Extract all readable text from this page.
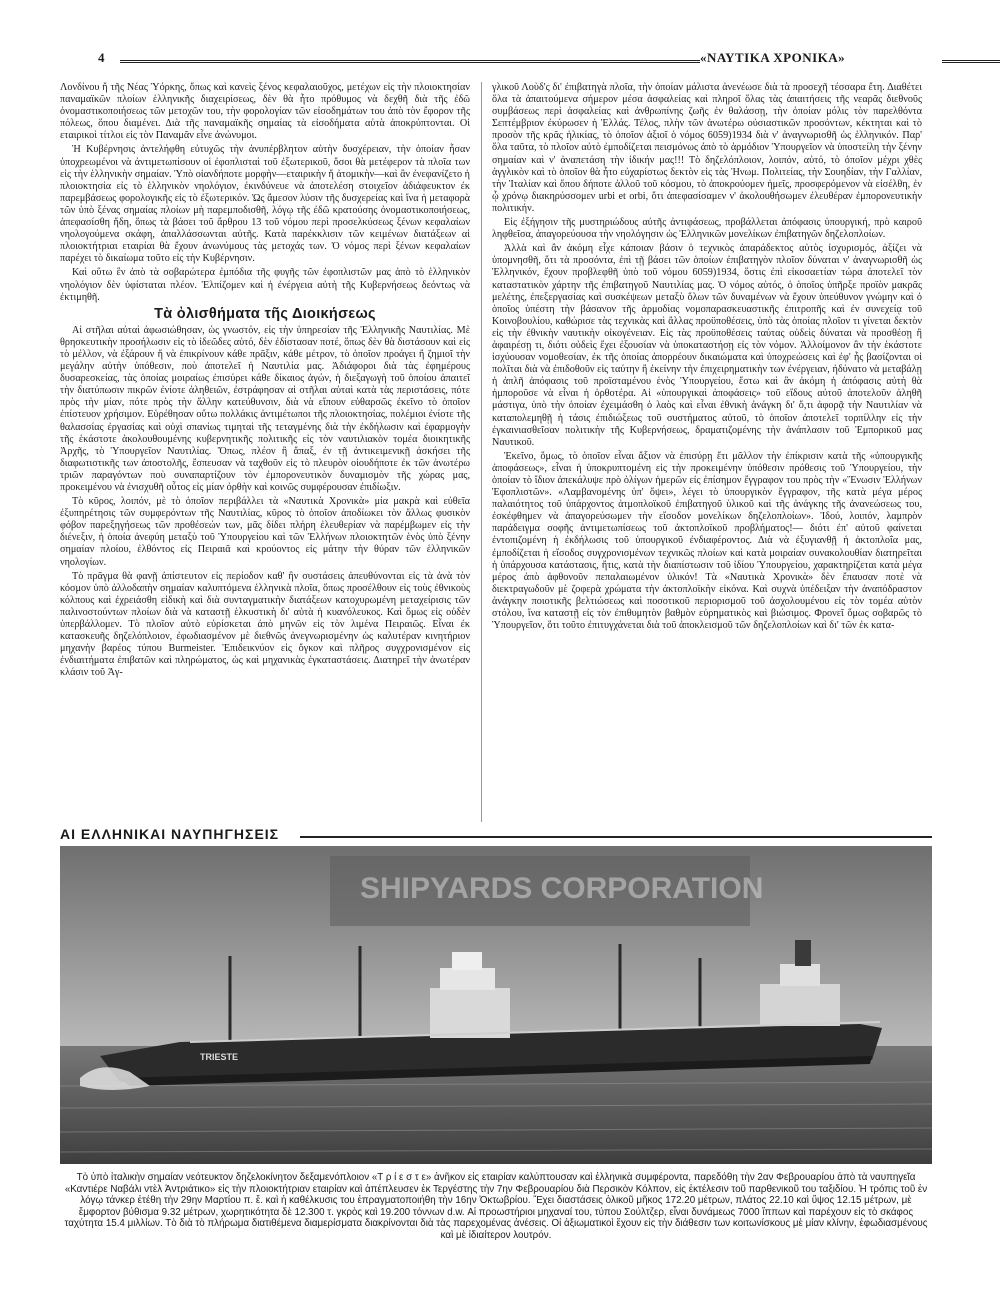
4	«ΝΑΥΤΙΚΑ ΧΡΟΝΙΚΑ»

Λονδίνου ἤ τῆς Νέας Ὑόρκης, ὅπως καὶ κανεὶς ξένος κεφαλαιοῦχος, μετέχων εἰς τὴν πλοιοκτησίαν παναμαϊκῶν πλοίων ἑλληνικῆς διαχειρίσεως, δὲν θὰ ἦτο πρόθυμος νὰ δεχθῆ διὰ τῆς ἐδῶ ὀνομαστικοποιήσεως τῶν μετοχῶν του, τὴν φορολογίαν τῶν εἰσοδημάτων του ἀπὸ τὸν ἔφορον τῆς πόλεως, ὅπου διαμένει. Διὰ τῆς παναμαϊκῆς σημαίας τὰ εἰσοδήματα αὐτὰ ἀποκρύπτονται. Οἱ εταιρικοὶ τίτλοι εἰς τὸν Παναμᾶν εἶνε ἀνώνυμοι.

Ἡ Κυβέρνησις ἀντελήφθη εὐτυχῶς τὴν ἀνυπέρβλητον αὐτὴν δυσχέρειαν, τὴν ὁποίαν ἦσαν ὑποχρεωμένοι νὰ ἀντιμετωπίσουν οἱ ἐφοπλισταὶ τοῦ ἐξωτερικοῦ, ὅσοι θὰ μετέφερον τὰ πλοῖα των εἰς τὴν ἑλληνικὴν σημαίαν. Ὑπὸ οἱανδήποτε μορφὴν—εταιρικὴν ἤ ἀτομικὴν—καὶ ἂν ἐνεφανίζετο ἡ πλοιοκτησία εἰς τὸ ἑλληνικὸν νηολόγιον, ἐκινδύνευε νὰ ἀποτελέση στοιχεῖον ἀδιάφευκτον ἐκ παρεμβάσεως φορολογικῆς εἰς τὸ ἐξωτερικόν. Ὡς ἄμεσον λύσιν τῆς δυσχερείας καὶ ἵνα ἡ μεταφορὰ τῶν ὑπὸ ξένας σημαίας πλοίων μὴ παρεμποδισθῆ, λόγῳ τῆς ἐδῶ κρατούσης ὀνομαστικοποιήσεως, ἀπεφασίσθη ἤδη, ὅπως τὰ βάσει τοῦ ἄρθρου 13 τοῦ νόμου περὶ προσελκύσεως ξένων κεφαλαίων νηολογούμενα σκάφη, ἀπαλλάσσωνται αὐτῆς. Κατὰ παρέκκλισιν τῶν κειμένων διατάξεων αἱ πλοιοκτήτριαι εταιρίαι θὰ ἔχουν ἀνωνύμους τὰς μετοχάς των. Ὁ νόμος περὶ ξένων κεφαλαίων παρέχει τὸ δικαίωμα τοῦτο εἰς τὴν Κυβέρνησιν.

Καὶ οὕτω ἓν ἀπὸ τὰ σοβαρώτερα ἐμπόδια τῆς φυγῆς τῶν ἐφοπλιστῶν μας ἀπὸ τὸ ἑλληνικὸν νηολόγιον δὲν ὑφίσταται πλέον. Ἐλπίζομεν καὶ ἡ ἐνέργεια αὐτὴ τῆς Κυβερνήσεως δεόντως νὰ ἐκτιμηθῆ.

Τὰ ὀλισθήματα τῆς Διοικήσεως

Αἱ στῆλαι αὐταὶ ἀφωσιώθησαν, ὡς γνωστόν, εἰς τὴν ὑπηρεσίαν τῆς Ἑλληνικῆς Ναυτιλίας. Μὲ θρησκευτικὴν προσήλωσιν εἰς τὸ ἰδεῶδες αὐτό, δὲν ἐδίστασαν ποτέ, ὅπως δὲν θὰ διστάσουν καὶ εἰς τὸ μέλλον, νὰ ἐξάρουν ἤ νὰ ἐπικρίνουν κάθε πρᾶξιν, κάθε μέτρον, τὸ ὁποῖον προάγει ἤ ζημιοῖ τὴν μεγάλην αὐτὴν ὑπόθεσιν, ποὺ ἀποτελεῖ ἡ Ναυτιλία μας. Ἀδιάφοροι διὰ τὰς ἐφημέρους δυσαρεσκείας, τὰς ὁποίας μοιραίως ἐπισύρει κάθε δίκαιος ἀγών, ἡ διεξαγωγὴ τοῦ ὁποίου ἀπαιτεῖ τὴν διατύπωσιν πικρῶν ἐνίοτε ἀληθειῶν, ἐστράφησαν αἱ στῆλαι αὐταὶ κατὰ τὰς περιστάσεις, πότε πρὸς τὴν μίαν, πότε πρὸς τὴν ἄλλην κατεύθυνσιν, διὰ νὰ εἴπουν εὐθαρσῶς ἐκεῖνο τὸ ὁποῖον ἐπίστευον χρήσιμον. Εὑρέθησαν οὕτω πολλάκις ἀντιμέτωποι τῆς πλοιοκτησίας, πολέμιοι ἐνίοτε τῆς θαλασσίας ἐργασίας καὶ οὐχὶ σπανίως τιμηταὶ τῆς τεταγμένης διὰ τὴν ἐκδήλωσιν καὶ ἐφαρμογὴν τῆς ἑκάστοτε ἀκολουθουμένης κυβερνητικῆς πολιτικῆς εἰς τὸν ναυτιλιακὸν τομέα διοικητικῆς Ἀρχῆς, τὸ Ὑπουργεῖον Ναυτιλίας. Ὅπως, πλέον ἢ ἅπαξ, ἐν τῇ ἀντικειμενικῇ ἀσκήσει τῆς διαφωτιστικῆς των ἀποστολῆς, ἔσπευσαν νὰ ταχθοῦν εἰς τὸ πλευρὸν οἱουδήποτε ἐκ τῶν ἀνωτέρω τριῶν παραγόντων ποὺ συναπαρτίζουν τὸν ἐμπορονευτικὸν δυναμισμὸν τῆς χώρας μας, προκειμένου νὰ ἐνισχυθῆ οὗτος εἰς μίαν ὀρθὴν καὶ κοινῶς συμφέρουσαν ἐπιδίωξιν.

Τὸ κῦρος, λοιπόν, μὲ τὸ ὁποῖον περιβάλλει τὰ «Ναυτικὰ Χρονικὰ» μία μακρὰ καὶ εὐθεῖα ἐξυπηρέτησις τῶν συμφερόντων τῆς Ναυτιλίας, κῦρος τὸ ὁποῖον ἀποδίωκει τὸν ἄλλως φυσικὸν φόβον παρεξηγήσεως τῶν προθέσεών των, μᾶς δίδει πλήρη ἐλευθερίαν νὰ παρέμβωμεν εἰς τὴν διένεξιν, ἡ ὁποία ἀνεφύη μεταξὺ τοῦ Ὑπουργείου καὶ τῶν Ἑλλήνων πλοιοκτητῶν ἑνὸς ὑπὸ ξένην σημαίαν πλοίου, ἐλθόντος εἰς Πειραιᾶ καὶ κρούοντος εἰς μάτην τὴν θύραν τῶν ἑλληνικῶν νηολογίων.

Τὸ πρᾶγμα θὰ φανῇ ἀπίστευτον εἰς περίοδον καθ' ἣν συστάσεις ἀπευθύνονται εἰς τὰ ἀνὰ τὸν κόσμον ὑπὸ ἀλλοδαπὴν σημαίαν καλυπτόμενα ἑλληνικὰ πλοῖα, ὅπως προσέλθουν εἰς τοὺς ἐθνικοὺς κόλπους καὶ ἐχρειάσθη εἰδικὴ καὶ διὰ συνταγματικὴν διατάξεων κατοχυρωμένη μεταχείρισις τῶν παλινοστούντων πλοίων διὰ νὰ καταστῇ ἑλκυστικὴ δι' αὐτὰ ἡ κυανόλευκος. Καὶ ὅμως εἰς οὐδὲν ὑπερβάλλομεν. Τὸ πλοῖον αὐτὸ εὑρίσκεται ἀπὸ μηνῶν εἰς τὸν λιμένα Πειραιῶς. Εἶναι ἐκ κατασκευῆς δηζελόπλοιον, ἐφωδιασμένον μὲ διεθνῶς ἀνεγνωρισμένην ὡς καλυτέραν κινητήριον μηχανὴν βαρέος τύπου Burmeister. Ἐπιδεικνύον εἰς ὄγκον καὶ πλῆρος συγχρονισμένον εἰς ἐνδιαιτήματα ἐπιβατῶν καὶ πληρώματος, ὡς καὶ μηχανικὰς ἐγκαταστάσεις. Διατηρεῖ τὴν ἀνωτέραν κλάσιν τοῦ Ἀγ-

γλικοῦ Λοὺδ'ς δι' ἐπιβατηγὰ πλοῖα, τὴν ὁποίαν μάλιστα ἀνενέωσε διὰ τὰ προσεχῆ τέσσαρα ἔτη. Διαθέτει ὅλα τὰ ἀπαιτούμενα σήμερον μέσα ἀσφαλείας καὶ πληροῖ ὅλας τὰς ἀπαιτήσεις τῆς νεαρᾶς διεθνοῦς συμβάσεως περὶ ἀσφαλείας καὶ ἀνθρωπίνης ζωῆς ἐν θαλάσσῃ, τὴν ὁποίαν μόλις τὸν παρελθόντα Σεπτέμβριον ἐκύρωσεν ἡ Ἑλλάς. Τέλος, πλὴν τῶν ἀνωτέρω οὐσιαστικῶν προσόντων, κέκτηται καὶ τὸ προσὸν τῆς κρᾶς ἡλικίας, τὸ ὁποῖον ἀξιοῖ ὁ νόμος 6059)1934 διὰ ν' ἀναγνωρισθῆ ὡς ἑλληνικόν. Παρ' ὅλα ταῦτα, τὸ πλοῖον αὐτὸ ἐμποδίζεται πεισμόνως ἀπὸ τὸ ἁρμόδιον Ὑπουργεῖον νὰ ὑποστείλη τὴν ξένην σημαίαν καὶ ν' ἀναπετάση τὴν ἰδικήν μας!!! Τὸ δηζελόπλοιον, λοιπόν, αὐτό, τὸ ὁποῖον μέχρι χθὲς ἀγγλικὸν καὶ τὸ ὁποῖον θὰ ἦτο εὐχαρίστως δεκτὸν εἰς τὰς Ἡνωμ. Πολιτείας, τὴν Σουηδίαν, τὴν Γαλλίαν, τὴν Ἰταλίαν καὶ ὅπου δήποτε ἀλλοῦ τοῦ κόσμου, τὸ ἀποκρούομεν ἡμεῖς, προσφερόμενον νὰ εἰσέλθη, ἐν ᾧ χρόνῳ διακηρύσσομεν urbi et orbi, ὅτι ἀπεφασίσαμεν ν' ἀκολουθήσωμεν ἐλευθέραν ἐμπορονευτικὴν πολιτικήν.

Εἰς ἐξήγησιν τῆς μυστηριώδους αὐτῆς ἀντιφάσεως, προβάλλεται ἀπόφασις ὑπουργική, πρὸ καιροῦ ληφθεῖσα, ἀπαγορεύουσα τὴν νηολόγησιν ὡς Ἑλληνικῶν μονελίκων ἐπιβατηγῶν δηζελοπλοίων.

Ἀλλὰ καὶ ἂν ἀκόμη εἶχε κάποιαν βάσιν ὁ τεχνικὸς ἀπαράδεκτος αὐτὸς ἰσχυρισμός, ἀξίζει νὰ ὑπομνησθῆ, ὅτι τὰ προσόντα, ἐπὶ τῇ βάσει τῶν ὁποίων ἐπιβατηγὸν πλοῖον δύναται ν' ἀναγνωρισθῆ ὡς Ἑλληνικόν, ἔχουν προβλεφθῆ ὑπὸ τοῦ νόμου 6059)1934, ὅστις ἐπὶ εἰκοσαετίαν τώρα ἀποτελεῖ τὸν καταστατικὸν χάρτην τῆς ἐπιβατηγοῦ Ναυτιλίας μας. Ὁ νόμος αὐτός, ὁ ὁποῖος ὑπῆρξε προϊὸν μακρᾶς μελέτης, ἐπεξεργασίας καὶ συσκέψεων μεταξὺ ὅλων τῶν δυναμένων νὰ ἔχουν ὑπεύθυνον γνώμην καὶ ὁ ὁποῖος ὑπέστη τὴν βάσανον τῆς ἁρμοδίας νομοπαρασκευαστικῆς ἐπιτροπῆς καὶ ἐν συνεχείᾳ τοῦ Κοινοβουλίου, καθώρισε τὰς τεχνικὰς καὶ ἄλλας προϋποθέσεις, ὑπὸ τὰς ὁποίας πλοῖον τι γίνεται δεκτὸν εἰς τὴν ἐθνικὴν ναυτικὴν οἰκογένειαν. Εἰς τὰς προϋποθέσεις ταύτας οὐδεὶς δύναται νὰ προσθέσῃ ἢ ἀφαιρέσῃ τι, διότι οὐδεὶς ἔχει ἐξουσίαν νὰ ὑποκαταστήσῃ εἰς τὸν νόμον. Ἀλλοίμονον ἂν τὴν ἑκάστοτε ἰσχύουσαν νομοθεσίαν, ἐκ τῆς ὁποίας ἀπορρέουν δικαιώματα καὶ ὑποχρεώσεις καὶ ἐφ' ἧς βασίζονται οἱ πολῖται διὰ νὰ ἐπιδοθοῦν εἰς ταύτην ἢ ἐκείνην τὴν ἐπιχειρηματικὴν των ἐνέργειαν, ἠδύνατο νὰ μεταβάλῃ ἡ ἁπλῆ ἀπόφασις τοῦ προϊσταμένου ἑνὸς Ὑπουργείου, ἔστω καὶ ἂν ἀκόμη ἡ ἀπόφασις αὐτὴ θὰ ἠμποροῦσε νὰ εἶναι ἡ ὀρθοτέρα. Αἱ «ὑπουργικαὶ ἀποφάσεις» τοῦ εἴδους αὐτοῦ ἀποτελοῦν ἀληθῆ μάστιγα, ὑπὸ τὴν ὁποίαν ἐχειμάσθη ὁ λαὸς καὶ εἶναι ἐθνικὴ ἀνάγκη δι' ὅ,τι ἀφορᾷ τὴν Ναυτιλίαν νὰ καταπολεμηθῇ ἡ τάσις ἐπιδιώξεως τοῦ συστήματος αὐτοῦ, τὸ ὁποῖον ἀποτελεῖ τορπίλλην εἰς τὴν ἐγκαινιασθεῖσαν πολιτικὴν τῆς Κυβερνήσεως, δραματιζομένης τὴν ἀνάπλασιν τοῦ Ἐμπορικοῦ μας Ναυτικοῦ.

Ἐκεῖνο, ὅμως, τὸ ὁποῖον εἶναι ἄξιον νὰ ἐπισύρῃ ἔτι μᾶλλον τὴν ἐπίκρισιν κατὰ τῆς «ὑπουργικῆς ἀποφάσεως», εἶναι ἡ ὑποκρυπτομένη εἰς τὴν προκειμένην ὑπόθεσιν πρόθεσις τοῦ Ὑπουργείου, τὴν ὁποίαν τὸ ἴδιον ἀπεκάλυψε πρὸ ὀλίγων ἡμερῶν εἰς ἐπίσημον ἔγγραφον του πρὸς τὴν «Ἕνωσιν Ἑλλήνων Ἐφοπλιστῶν». «Λαμβανομένης ὑπ' ὄψει», λέγει τὸ ὑπουργικὸν ἔγγραφον, τῆς κατὰ μέγα μέρος παλαιότητος τοῦ ὑπάρχοντος ἀτμοπλοϊκοῦ ἐπιβατηγοῦ ὑλικοῦ καὶ τῆς ἀνάγκης τῆς ἀνανεώσεως του, ἐσκέφθημεν νὰ ἀπαγορεύσωμεν τὴν εἴσοδον μονελίκων δηζελοπλοίων». Ἰδού, λοιπόν, λαμπρὸν παράδειγμα σοφῆς ἀντιμετωπίσεως τοῦ ἀκτοπλοϊκοῦ προβλήματος!— διότι ἐπ' αὐτοῦ φαίνεται ἐντοπιζομένη ἡ ἐκδήλωσις τοῦ ὑπουργικοῦ ἐνδιαφέροντος. Διὰ νὰ ἐξυγιανθῇ ἡ ἀκτοπλοΐα μας, ἐμποδίζεται ἡ εἴσοδος συγχρονισμένων τεχνικῶς πλοίων καὶ κατὰ μοιραίαν συνακολουθίαν διατηρεῖται ἡ ὑπάρχουσα κατάστασις, ἤτις, κατὰ τὴν διαπίστωσιν τοῦ ἰδίου Ὑπουργείου, χαρακτηρίζεται κατὰ μέγα μέρος ἀπὸ ἀφθονοῦν πεπαλαιωμένον ὑλικόν! Τὰ «Ναυτικὰ Χρονικὰ» δὲν ἔπαυσαν ποτὲ νὰ διεκτραγωδοῦν μὲ ζοφερὰ χρώματα τὴν ἀκτοπλοϊκὴν εἰκόνα. Καὶ συχνὰ ὑπέδειξαν τὴν ἀναπόδραστον ἀνάγκην ποιοτικῆς βελτιώσεως καὶ ποσοτικοῦ περιορισμοῦ τοῦ ἀσχολουμένου εἰς τὸν τομέα αὐτὸν στόλου, ἵνα καταστῇ εἰς τὸν ἐπιθυμητὸν βαθμὸν εὐρηματικὸς καὶ βιώσιμος. Φρονεῖ ὅμως σοβαρῶς τὸ Ὑπουργεῖον, ὅτι τοῦτο ἐπιτυγχάνεται διὰ τοῦ ἀποκλεισμοῦ τῶν δηζελοπλοίων καὶ δι' τῶν ἐκ κατα-

ΑΙ ΕΛΛΗΝΙΚΑΙ ΝΑΥΠΗΓΗΣΕΙΣ
SHIPYARDS CORPORATION
TRIESTE
Τὸ ὑπὸ ἰταλικὴν σημαίαν νεότευκτον δηζελοκίνητον δεξαμενόπλοιον «Τ ρ ί ε σ τ ε» ἀνῆκον εἰς εταιρίαν καλύπτουσαν καὶ ἑλληνικὰ συμφέροντα, παρεδόθη τὴν 2αν Φεβρουαρίου ἀπὸ τὰ ναυπηγεῖα «Καντιέρε Ναβάλι ντὲλ Ἀντριάτικο» εἰς τὴν πλοιοκτήτριαν εταιρίαν καὶ ἀπέπλευσεν ἐκ Τεργέστης τὴν 7ην Φεβρουαρίου διὰ Περσικὸν Κόλπον, εἰς ἐκτέλεσιν τοῦ παρθενικοῦ του ταξιδίου. Ἡ τρόπις τοῦ ἐν λόγῳ τάνκερ ἐτέθη τὴν 29ην Μαρτίου π. ἔ. καὶ ἡ καθέλκυσις του ἐπραγματοποιήθη τὴν 16ην Ὀκτωβρίου. Ἔχει διαστάσεις ὁλικοῦ μῆκος 172.20 μέτρων, πλάτος 22.10 καὶ ὕψος 12.15 μέτρων, μὲ ἔμφορτον βύθισμα 9.32 μέτρων, χωρητικότητα δὲ 12.300 τ. γκρὸς καὶ 19.200 τόννων d.w. Αἱ προωστήριοι μηχαναί του, τύπου Σούλτζερ, εἶναι δυνάμεως 7000 ἵππων καὶ παρέχουν εἰς τὸ σκάφος ταχύτητα 15.4 μιλλίων. Τὸ διὰ τὸ πλήρωμα διατιθέμενα διαμερίσματα διακρίνονται διὰ τὰς παρεχομένας ἀνέσεις. Οἱ ἀξιωματικοὶ ἔχουν εἰς τὴν διάθεσιν των κοιτωνίσκους μὲ μίαν κλίνην, ἐφωδιασμένους καὶ μὲ ἰδιαίτερον λουτρόν.
